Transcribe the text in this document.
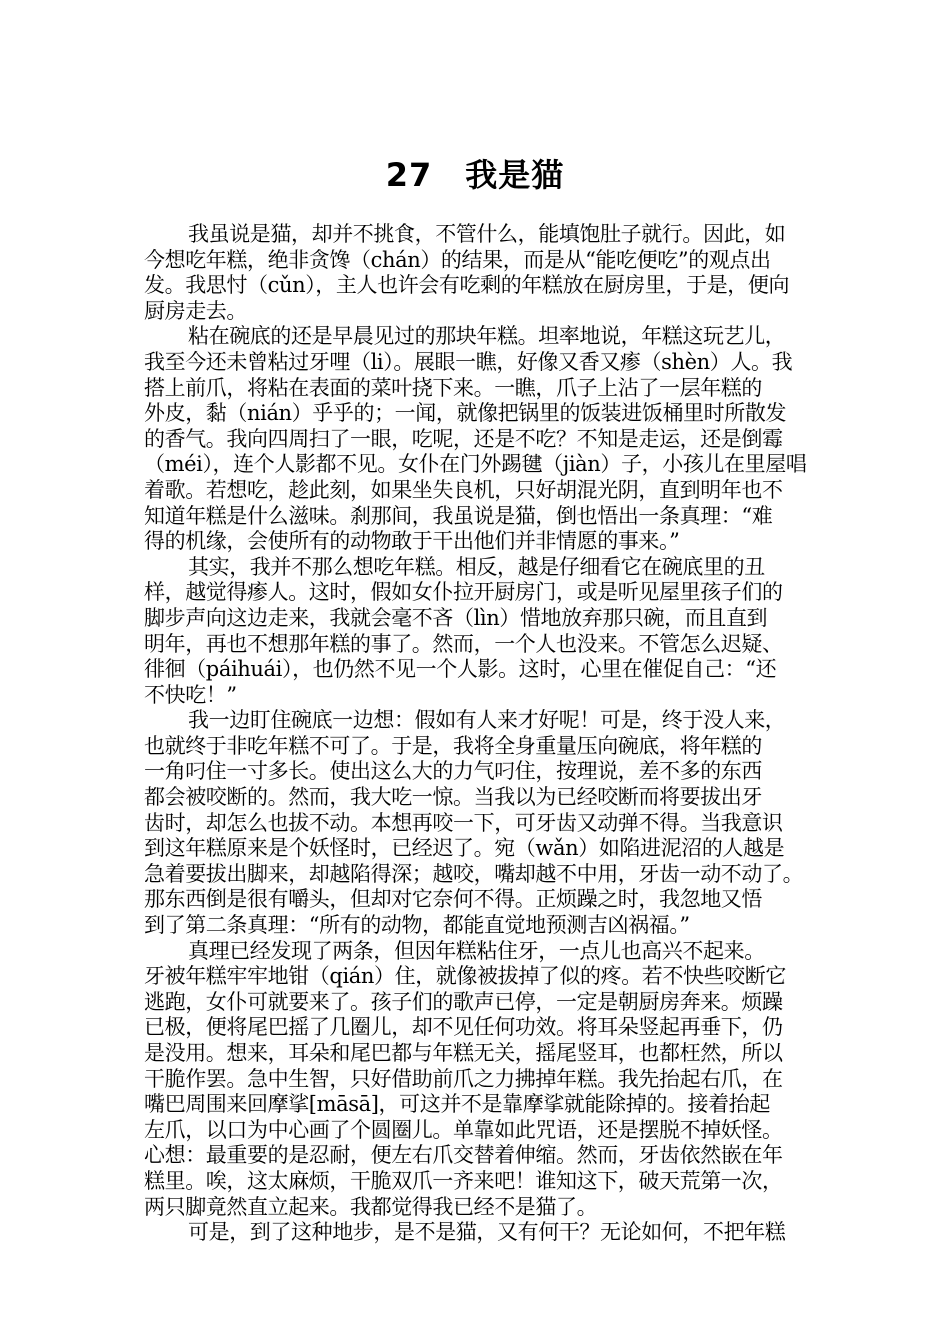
27　我是猫
我虽说是猫，却并不挑食，不管什么，能填饱肚子就行。因此，如
今想吃年糕，绝非贪馋（chán）的结果，而是从“能吃便吃”的观点出
发。我思忖（cǔn），主人也许会有吃剩的年糕放在厨房里，于是，便向
厨房走去。
粘在碗底的还是早晨见过的那块年糕。坦率地说，年糕这玩艺儿，
我至今还未曾粘过牙哩（li）。展眼一瞧，好像又香又瘆（shèn）人。我
搭上前爪，将粘在表面的菜叶挠下来。一瞧，爪子上沾了一层年糕的
外皮，黏（nián）乎乎的；一闻，就像把锅里的饭装进饭桶里时所散发
的香气。我向四周扫了一眼，吃呢，还是不吃？不知是走运，还是倒霉
（méi），连个人影都不见。女仆在门外踢毽（jiàn）子，小孩儿在里屋唱
着歌。若想吃，趁此刻，如果坐失良机，只好胡混光阴，直到明年也不
知道年糕是什么滋味。刹那间，我虽说是猫，倒也悟出一条真理：“难
得的机缘，会使所有的动物敢于干出他们并非情愿的事来。”
其实，我并不那么想吃年糕。相反，越是仔细看它在碗底里的丑
样，越觉得瘆人。这时，假如女仆拉开厨房门，或是听见屋里孩子们的
脚步声向这边走来，我就会毫不吝（lìn）惜地放弃那只碗，而且直到
明年，再也不想那年糕的事了。然而，一个人也没来。不管怎么迟疑、
徘徊（páihuái），也仍然不见一个人影。这时，心里在催促自己：“还
不快吃！”
我一边盯住碗底一边想：假如有人来才好呢！可是，终于没人来，
也就终于非吃年糕不可了。于是，我将全身重量压向碗底，将年糕的
一角叼住一寸多长。使出这么大的力气叼住，按理说，差不多的东西
都会被咬断的。然而，我大吃一惊。当我以为已经咬断而将要拔出牙
齿时，却怎么也拔不动。本想再咬一下，可牙齿又动弹不得。当我意识
到这年糕原来是个妖怪时，已经迟了。宛（wǎn）如陷进泥沼的人越是
急着要拔出脚来，却越陷得深；越咬，嘴却越不中用，牙齿一动不动了。
那东西倒是很有嚼头，但却对它奈何不得。正烦躁之时，我忽地又悟
到了第二条真理：“所有的动物，都能直觉地预测吉凶祸福。”
真理已经发现了两条，但因年糕粘住牙，一点儿也高兴不起来。
牙被年糕牢牢地钳（qián）住，就像被拔掉了似的疼。若不快些咬断它
逃跑，女仆可就要来了。孩子们的歌声已停，一定是朝厨房奔来。烦躁
已极，便将尾巴摇了几圈儿，却不见任何功效。将耳朵竖起再垂下，仍
是没用。想来，耳朵和尾巴都与年糕无关，摇尾竖耳，也都枉然，所以
干脆作罢。急中生智，只好借助前爪之力拂掉年糕。我先抬起右爪，在
嘴巴周围来回摩挲[māsā]，可这并不是靠摩挲就能除掉的。接着抬起
左爪，以口为中心画了个圆圈儿。单靠如此咒语，还是摆脱不掉妖怪。
心想：最重要的是忍耐，便左右爪交替着伸缩。然而，牙齿依然嵌在年
糕里。唉，这太麻烦，干脆双爪一齐来吧！谁知这下，破天荒第一次，
两只脚竟然直立起来。我都觉得我已经不是猫了。
可是，到了这种地步，是不是猫，又有何干？无论如何，不把年糕
